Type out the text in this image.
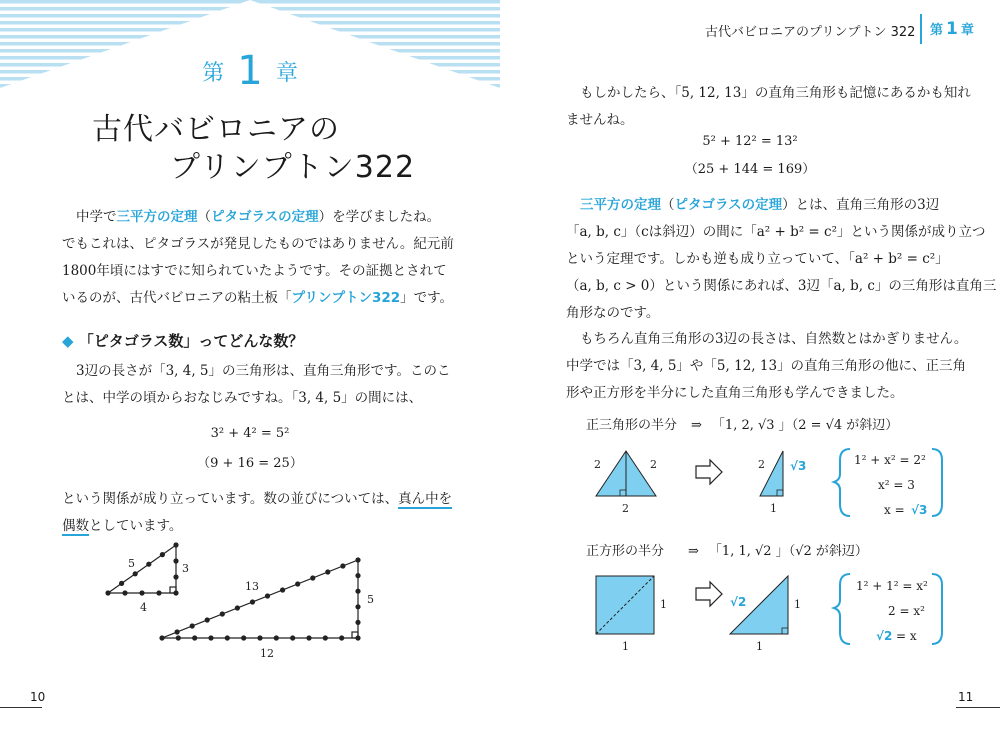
第 1 章
古代バビロニアの
プリンプトン322
中学で三平方の定理（ピタゴラスの定理）を学びましたね。
でもこれは、ピタゴラスが発見したものではありません。紀元前
1800年頃にはすでに知られていたようです。その証拠とされて
いるのが、古代バビロニアの粘土板「プリンプトン322」です。
◆ 「ピタゴラス数」ってどんな数？
3辺の長さが「3, 4, 5」の三角形は、直角三角形です。このこ
とは、中学の頃からおなじみですね。「3, 4, 5」の間には、
3² + 4² = 5²
（9 + 16 = 25）
という関係が成り立っています。数の並びについては、真ん中を
偶数としています。
5	3
4
13
5
12
10
古代バビロニアのプリンプトン 322 第 1 章
もしかしたら、「5, 12, 13」の直角三角形も記憶にあるかも知れ
ませんね。
5² + 12² = 13²
（25 + 144 = 169）
三平方の定理（ピタゴラスの定理）とは、直角三角形の3辺
「a, b, c」（cは斜辺）の間に「a² + b² = c²」という関係が成り立つ
という定理です。しかも逆も成り立っていて、「a² + b² = c²」
（a, b, c > 0）という関係にあれば、3辺「a, b, c」の三角形は直角三
角形なのです。
もちろん直角三角形の3辺の長さは、自然数とはかぎりません。
中学では「3, 4, 5」や「5, 12, 13」の直角三角形の他に、正三角
形や正方形を半分にした直角三角形も学んできました。
正三角形の半分 ⇒ 「1, 2, √3 」（2 = √4 が斜辺）
2	2
2
2
1
√3	1² + x² = 2²
x² = 3
x = √3
正方形の半分 ⇒ 「1, 1, √2 」（√2 が斜辺）
1
1
1
1
√2
1² + 1² = x²
2 = x²
= x
√2
11
